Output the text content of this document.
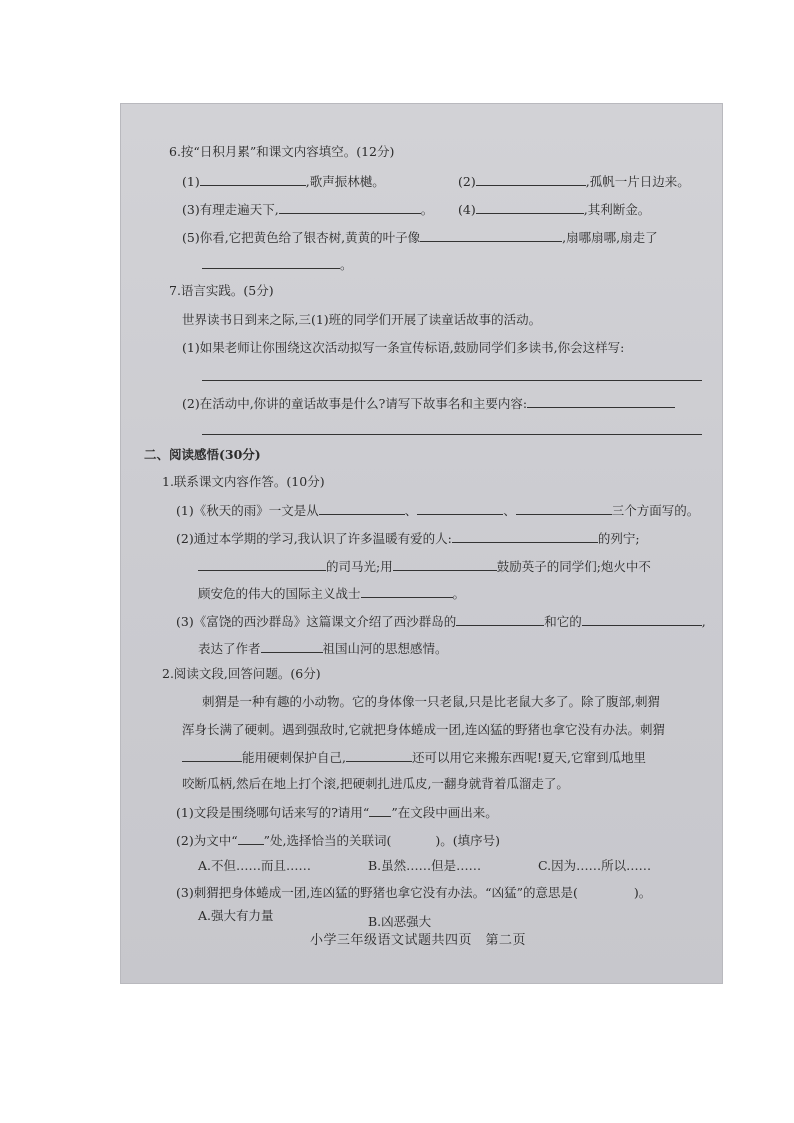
6.按“日积月累”和课文内容填空。(12分)
(1)	,歌声振林樾。	(2)	,孤帆一片日边来。
(3)有理走遍天下,	。 (4)	,其利断金。
(5)你看,它把黄色给了银杏树,黄黄的叶子像	,扇哪扇哪,扇走了
。
7.语言实践。(5分)
世界读书日到来之际,三(1)班的同学们开展了读童话故事的活动。
(1)如果老师让你围绕这次活动拟写一条宣传标语,鼓励同学们多读书,你会这样写:
(2)在活动中,你讲的童话故事是什么?请写下故事名和主要内容:
二、阅读感悟(30分)
1.联系课文内容作答。(10分)
(1)《秋天的雨》一文是从	、	、	三个方面写的。
(2)通过本学期的学习,我认识了许多温暖有爱的人:	的列宁;
的司马光;用	鼓励英子的同学们;炮火中不
顾安危的伟大的国际主义战士	。
(3)《富饶的西沙群岛》这篇课文介绍了西沙群岛的	和它的	,
表达了作者	祖国山河的思想感情。
2.阅读文段,回答问题。(6分)
刺猬是一种有趣的小动物。它的身体像一只老鼠,只是比老鼠大多了。除了腹部,刺猬
浑身长满了硬刺。遇到强敌时,它就把身体蜷成一团,连凶猛的野猪也拿它没有办法。刺猬
能用硬刺保护自己,	还可以用它来搬东西呢!夏天,它窜到瓜地里
咬断瓜柄,然后在地上打个滚,把硬刺扎进瓜皮,一翻身就背着瓜溜走了。
(1)文段是围绕哪句话来写的?请用“ ”在文段中画出来。
(2)为文中“ ”处,选择恰当的关联词(	)。(填序号)
A.不但……而且……	B.虽然……但是……	C.因为……所以……
(3)刺猬把身体蜷成一团,连凶猛的野猪也拿它没有办法。“凶猛”的意思是(	)。
A.强大有力量	B.凶恶强大
小学三年级语文试题共四页　第二页
